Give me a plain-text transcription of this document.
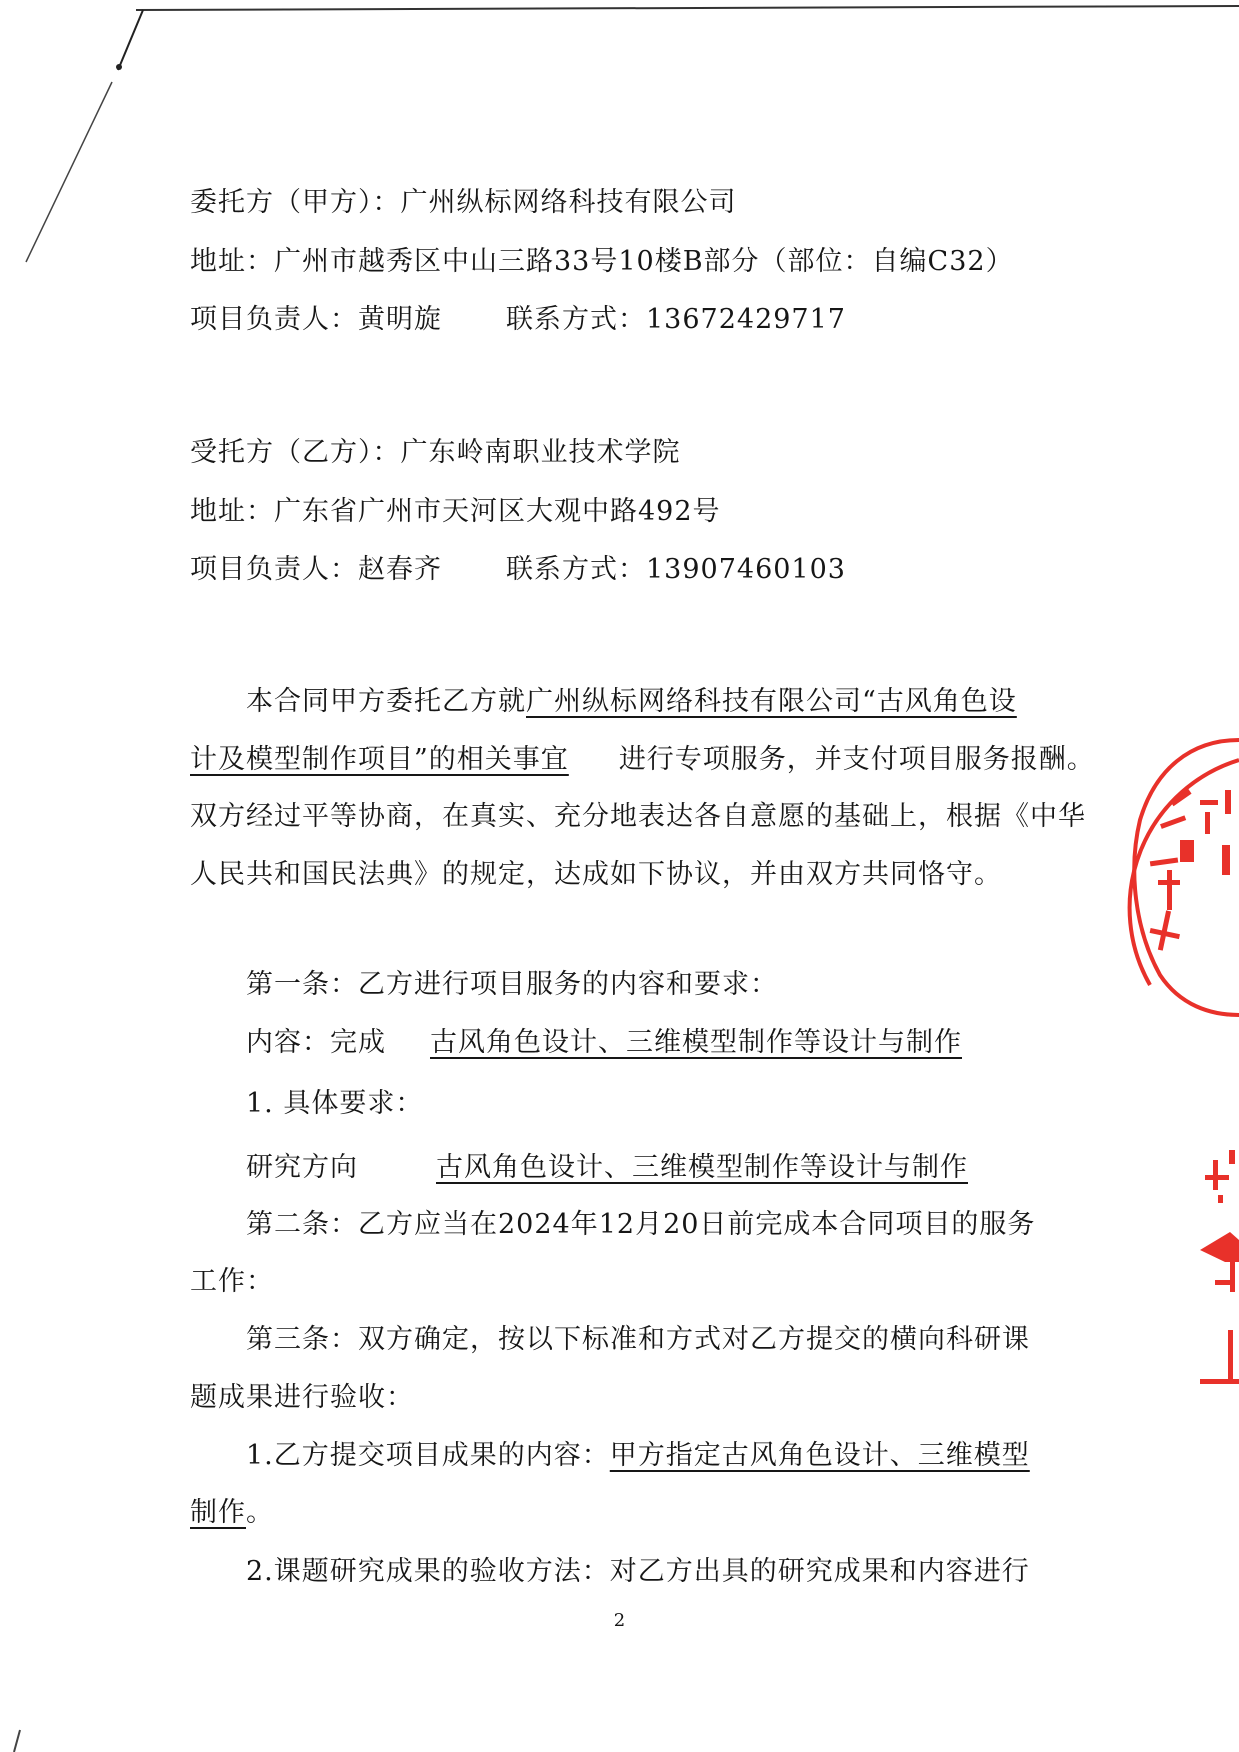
委托方（甲方）：广州纵标网络科技有限公司
地址：广州市越秀区中山三路33号10楼B部分（部位：自编C32）
项目负责人：黄明旋 联系方式：13672429717
受托方（乙方）：广东岭南职业技术学院
地址：广东省广州市天河区大观中路492号
项目负责人：赵春齐 联系方式：13907460103
本合同甲方委托乙方就广州纵标网络科技有限公司“古风角色设
计及模型制作项目”的相关事宜 进行专项服务，并支付项目服务报酬。
双方经过平等协商，在真实、充分地表达各自意愿的基础上，根据《中华
人民共和国民法典》的规定，达成如下协议，并由双方共同恪守。
第一条：乙方进行项目服务的内容和要求：
内容：完成 古风角色设计、三维模型制作等设计与制作
1. 具体要求：
研究方向	古风角色设计、三维模型制作等设计与制作
第二条：乙方应当在2024年12月20日前完成本合同项目的服务
工作：
第三条：双方确定，按以下标准和方式对乙方提交的横向科研课
题成果进行验收：
1.乙方提交项目成果的内容：甲方指定古风角色设计、三维模型
制作。
2.课题研究成果的验收方法：对乙方出具的研究成果和内容进行
2
